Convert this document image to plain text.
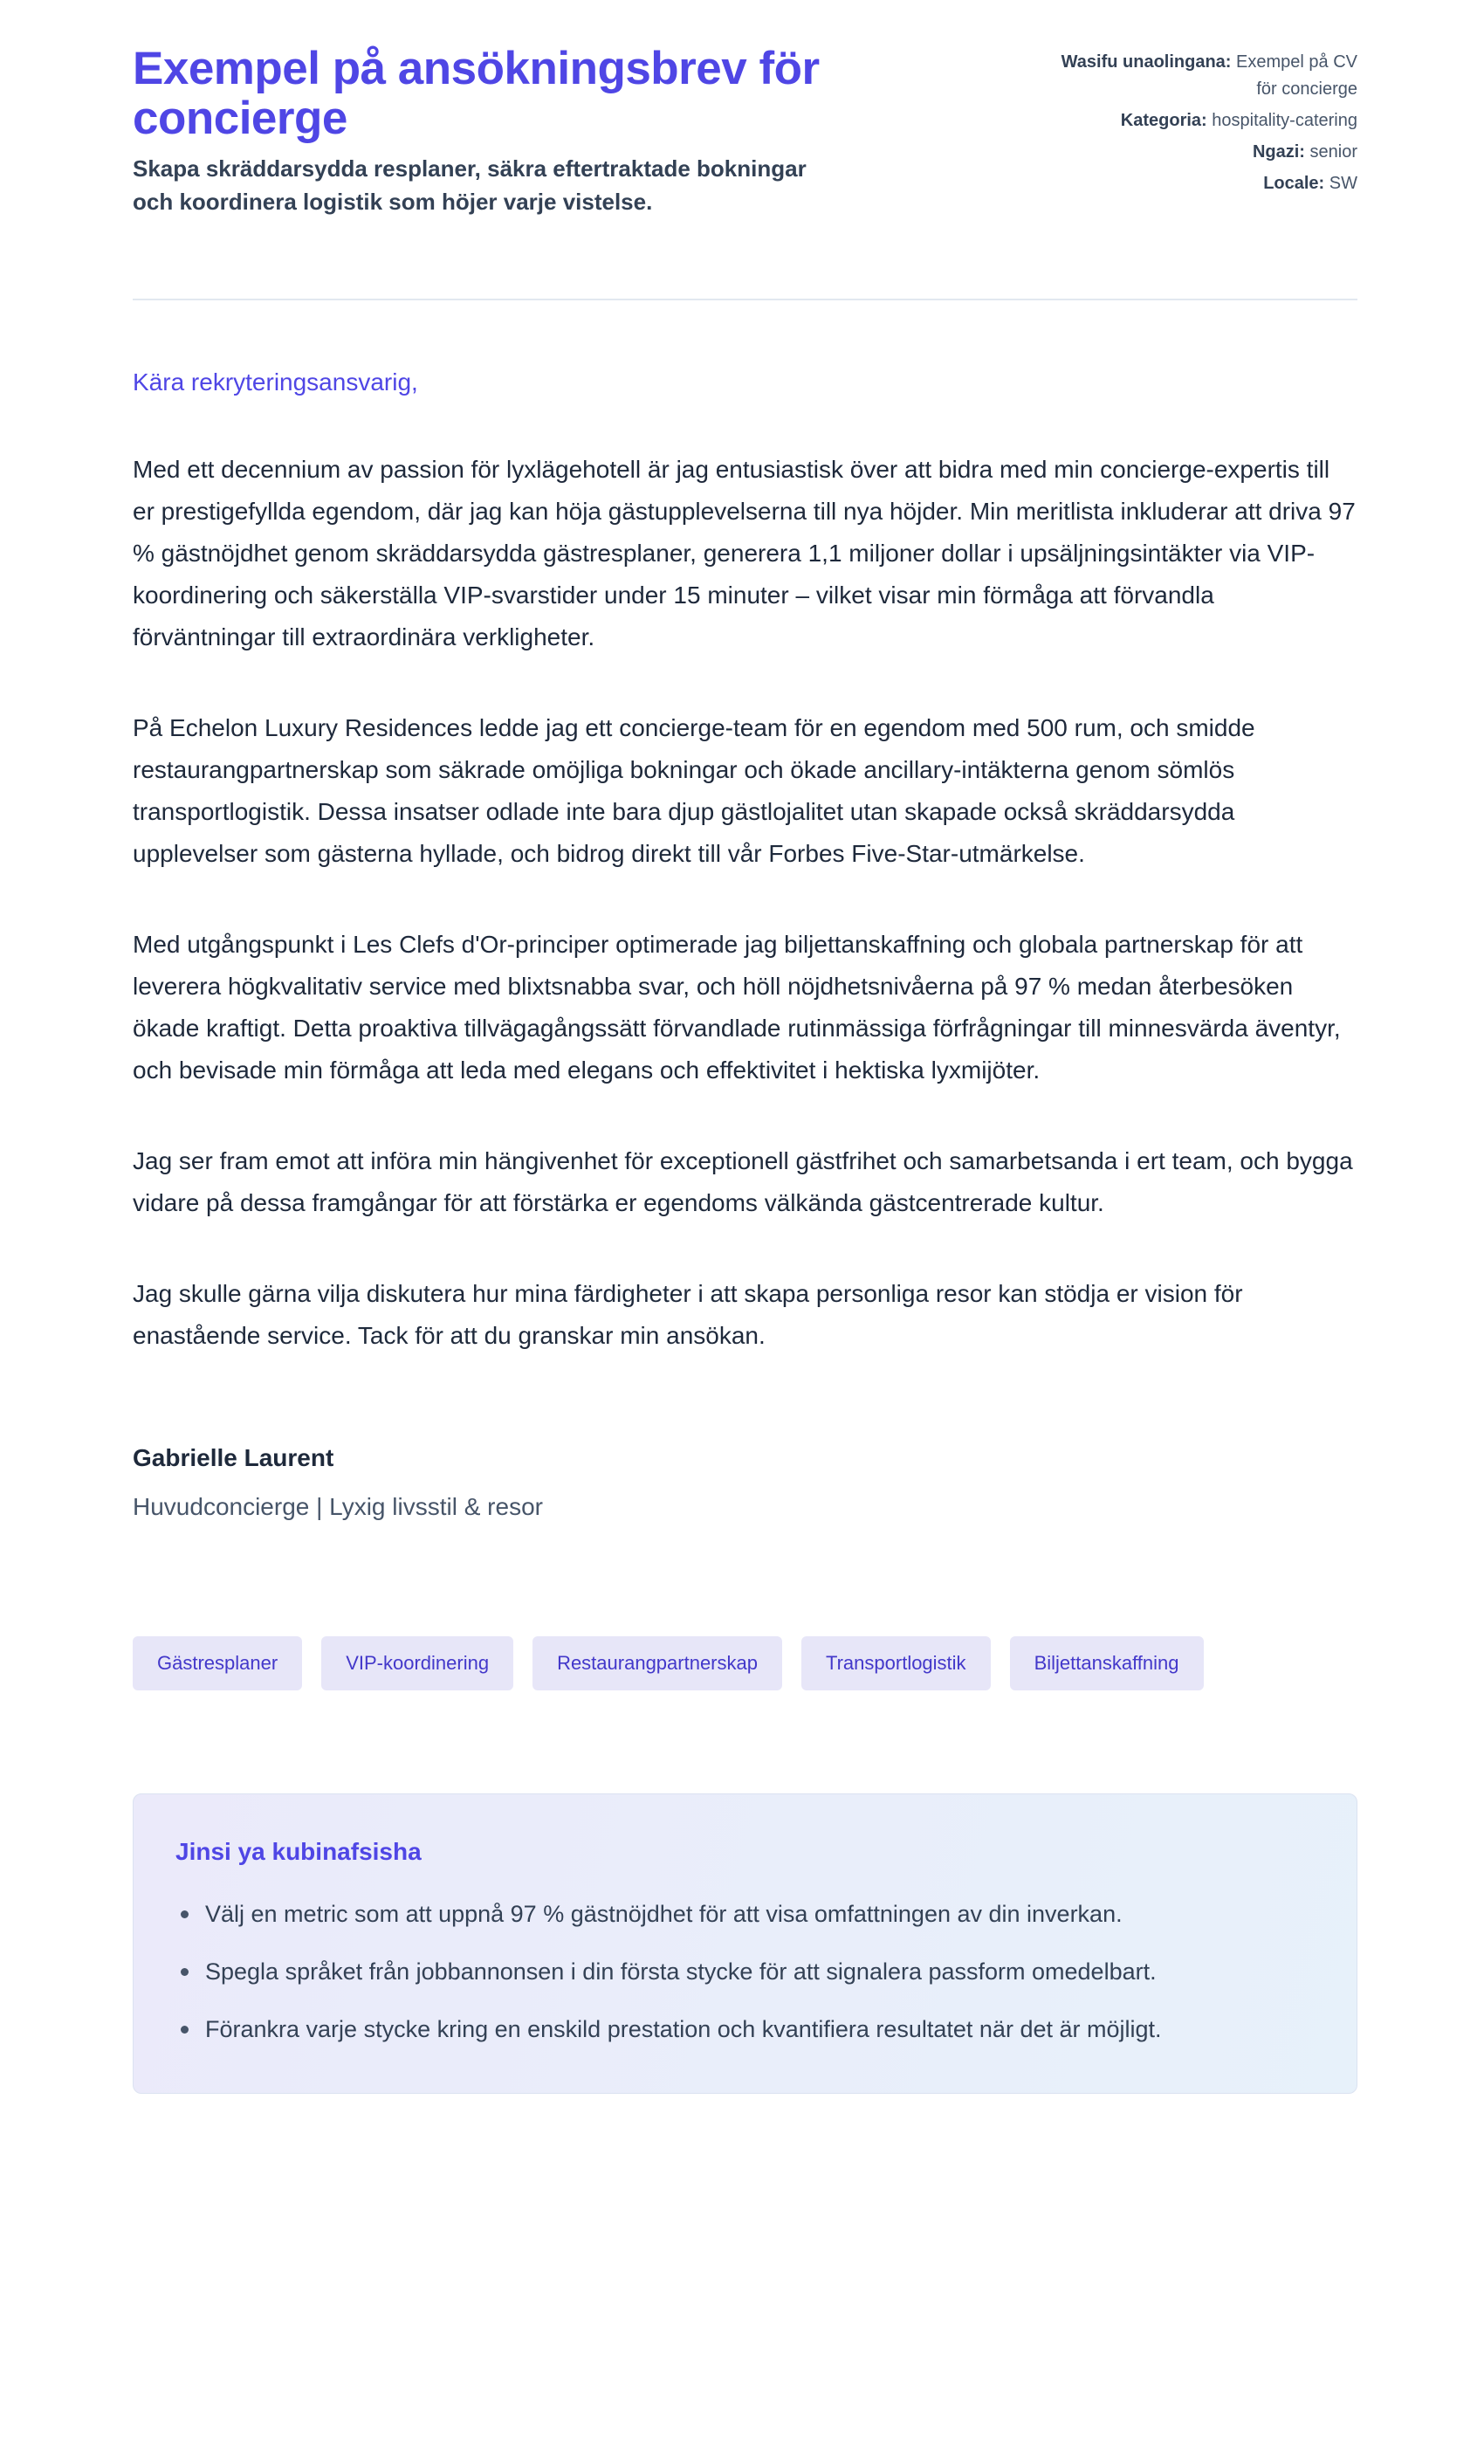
Exempel på ansökningsbrev för concierge

Skapa skräddarsydda resplaner, säkra eftertraktade bokningar och koordinera logistik som höjer varje vistelse.

Wasifu unaolingana: Exempel på CV för concierge
Kategoria: hospitality-catering
Ngazi: senior
Locale: SW

Kära rekryteringsansvarig,

Med ett decennium av passion för lyxlägehotell är jag entusiastisk över att bidra med min concierge-expertis till er prestigefyllda egendom, där jag kan höja gästupplevelserna till nya höjder. Min meritlista inkluderar att driva 97 % gästnöjdhet genom skräddarsydda gästresplaner, generera 1,1 miljoner dollar i upsäljningsintäkter via VIP-koordinering och säkerställa VIP-svarstider under 15 minuter – vilket visar min förmåga att förvandla förväntningar till extraordinära verkligheter.

På Echelon Luxury Residences ledde jag ett concierge-team för en egendom med 500 rum, och smidde restaurangpartnerskap som säkrade omöjliga bokningar och ökade ancillary-intäkterna genom sömlös transportlogistik. Dessa insatser odlade inte bara djup gästlojalitet utan skapade också skräddarsydda upplevelser som gästerna hyllade, och bidrog direkt till vår Forbes Five-Star-utmärkelse.

Med utgångspunkt i Les Clefs d'Or-principer optimerade jag biljettanskaffning och globala partnerskap för att leverera högkvalitativ service med blixtsnabba svar, och höll nöjdhetsnivåerna på 97 % medan återbesöken ökade kraftigt. Detta proaktiva tillvägagångssätt förvandlade rutinmässiga förfrågningar till minnesvärda äventyr, och bevisade min förmåga att leda med elegans och effektivitet i hektiska lyxmijöter.

Jag ser fram emot att införa min hängivenhet för exceptionell gästfrihet och samarbetsanda i ert team, och bygga vidare på dessa framgångar för att förstärka er egendoms välkända gästcentrerade kultur.

Jag skulle gärna vilja diskutera hur mina färdigheter i att skapa personliga resor kan stödja er vision för enastående service. Tack för att du granskar min ansökan.

Gabrielle Laurent

Huvudconcierge | Lyxig livsstil & resor

Gästresplaner	VIP-koordinering	Restaurangpartnerskap	Transportlogistik	Biljettanskaffning
Jinsi ya kubinafsisha
Välj en metric som att uppnå 97 % gästnöjdhet för att visa omfattningen av din inverkan.
Spegla språket från jobbannonsen i din första stycke för att signalera passform omedelbart.
Förankra varje stycke kring en enskild prestation och kvantifiera resultatet när det är möjligt.
